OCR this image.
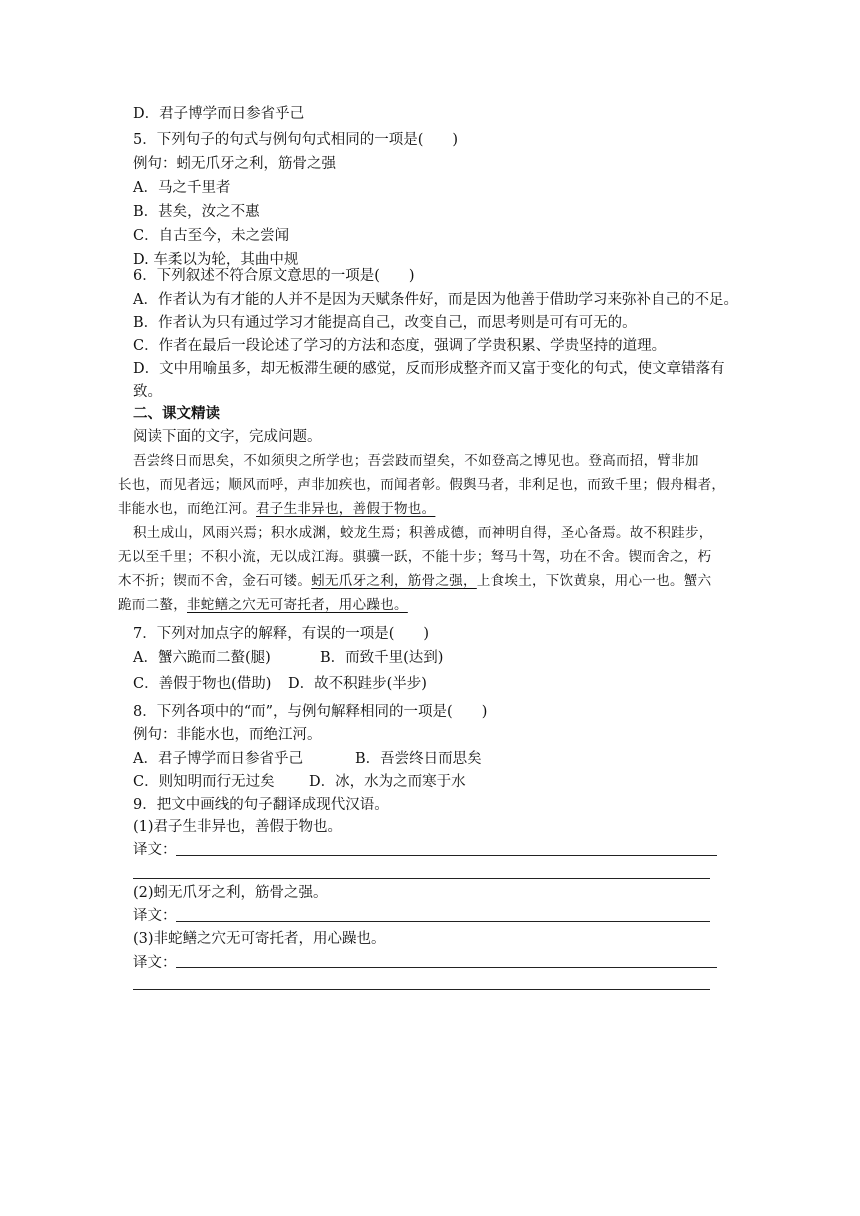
D．君子博学而日参省乎己
5．下列句子的句式与例句句式相同的一项是(　　)
例句：蚓无爪牙之利，筋骨之强
A．马之千里者
B．甚矣，汝之不惠
C．自古至今，未之尝闻
D. 车柔以为轮，其曲中规
6．下列叙述不符合原文意思的一项是(　　)
A．作者认为有才能的人并不是因为天赋条件好，而是因为他善于借助学习来弥补自己的不足。
B．作者认为只有通过学习才能提高自己，改变自己，而思考则是可有可无的。
C．作者在最后一段论述了学习的方法和态度，强调了学贵积累、学贵坚持的道理。
D．文中用喻虽多，却无板滞生硬的感觉，反而形成整齐而又富于变化的句式，使文章错落有
致。
二、课文精读
阅读下面的文字，完成问题。
吾尝终日而思矣，不如须臾之所学也；吾尝跂而望矣，不如登高之博见也。登高而招，臂非加
长也，而见者远；顺风而呼，声非加疾也，而闻者彰。假舆马者，非利足也，而致千里；假舟楫者，
非能水也，而绝江河。君子生非异也，善假于物也。
积土成山，风雨兴焉；积水成渊，蛟龙生焉；积善成德，而神明自得，圣心备焉。故不积跬步，
无以至千里；不积小流，无以成江海。骐骥一跃，不能十步；驽马十驾，功在不舍。锲而舍之，朽
木不折；锲而不舍，金石可镂。蚓无爪牙之利，筋骨之强，上食埃土，下饮黄泉，用心一也。蟹六
跪而二螯，非蛇鳝之穴无可寄托者，用心躁也。
7．下列对加点字的解释，有误的一项是(　　)
A．蟹六跪而二螯(腿)	B．而致千里(达到)
C．善假于物也(借助) D．故不积跬步(半步)
8．下列各项中的“而”，与例句解释相同的一项是(　　)
例句：非能水也，而绝江河。
A．君子博学而日参省乎己	B．吾尝终日而思矣
C．则知明而行无过矣 D．冰，水为之而寒于水
9．把文中画线的句子翻译成现代汉语。
(1)君子生非异也，善假于物也。
译文：
(2)蚓无爪牙之利，筋骨之强。
译文：
(3)非蛇鳝之穴无可寄托者，用心躁也。
译文：
